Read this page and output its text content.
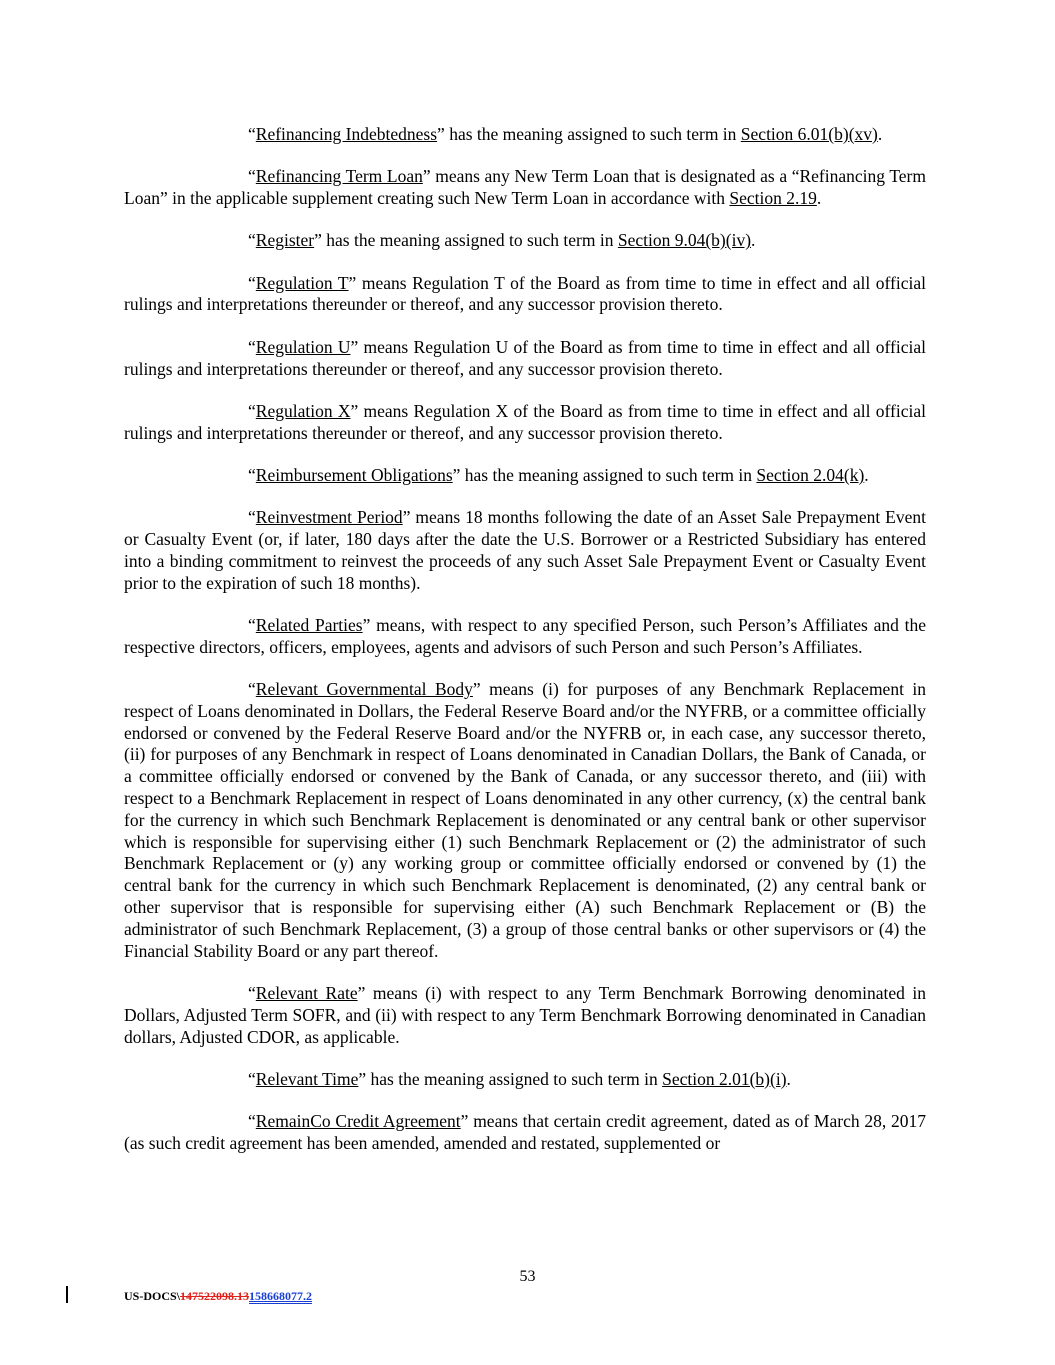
“Refinancing Indebtedness” has the meaning assigned to such term in Section 6.01(b)(xv).

“Refinancing Term Loan” means any New Term Loan that is designated as a “Refinancing Term Loan” in the applicable supplement creating such New Term Loan in accordance with Section 2.19.

“Register” has the meaning assigned to such term in Section 9.04(b)(iv).

“Regulation T” means Regulation T of the Board as from time to time in effect and all official rulings and interpretations thereunder or thereof, and any successor provision thereto.

“Regulation U” means Regulation U of the Board as from time to time in effect and all official rulings and interpretations thereunder or thereof, and any successor provision thereto.

“Regulation X” means Regulation X of the Board as from time to time in effect and all official rulings and interpretations thereunder or thereof, and any successor provision thereto.

“Reimbursement Obligations” has the meaning assigned to such term in Section 2.04(k).

“Reinvestment Period” means 18 months following the date of an Asset Sale Prepayment Event or Casualty Event (or, if later, 180 days after the date the U.S. Borrower or a Restricted Subsidiary has entered into a binding commitment to reinvest the proceeds of any such Asset Sale Prepayment Event or Casualty Event prior to the expiration of such 18 months).

“Related Parties” means, with respect to any specified Person, such Person’s Affiliates and the respective directors, officers, employees, agents and advisors of such Person and such Person’s Affiliates.

“Relevant Governmental Body” means (i) for purposes of any Benchmark Replacement in respect of Loans denominated in Dollars, the Federal Reserve Board and/or the NYFRB, or a committee officially endorsed or convened by the Federal Reserve Board and/or the NYFRB or, in each case, any successor thereto, (ii) for purposes of any Benchmark in respect of Loans denominated in Canadian Dollars, the Bank of Canada, or a committee officially endorsed or convened by the Bank of Canada, or any successor thereto, and (iii) with respect to a Benchmark Replacement in respect of Loans denominated in any other currency, (x) the central bank for the currency in which such Benchmark Replacement is denominated or any central bank or other supervisor which is responsible for supervising either (1) such Benchmark Replacement or (2) the administrator of such Benchmark Replacement or (y) any working group or committee officially endorsed or convened by (1) the central bank for the currency in which such Benchmark Replacement is denominated, (2) any central bank or other supervisor that is responsible for supervising either (A) such Benchmark Replacement or (B) the administrator of such Benchmark Replacement, (3) a group of those central banks or other supervisors or (4) the Financial Stability Board or any part thereof.

“Relevant Rate” means (i) with respect to any Term Benchmark Borrowing denominated in Dollars, Adjusted Term SOFR, and (ii) with respect to any Term Benchmark Borrowing denominated in Canadian dollars, Adjusted CDOR, as applicable.

“Relevant Time” has the meaning assigned to such term in Section 2.01(b)(i).

“RemainCo Credit Agreement” means that certain credit agreement, dated as of March 28, 2017 (as such credit agreement has been amended, amended and restated, supplemented or

53
US-DOCS\147522098.13158668077.2
